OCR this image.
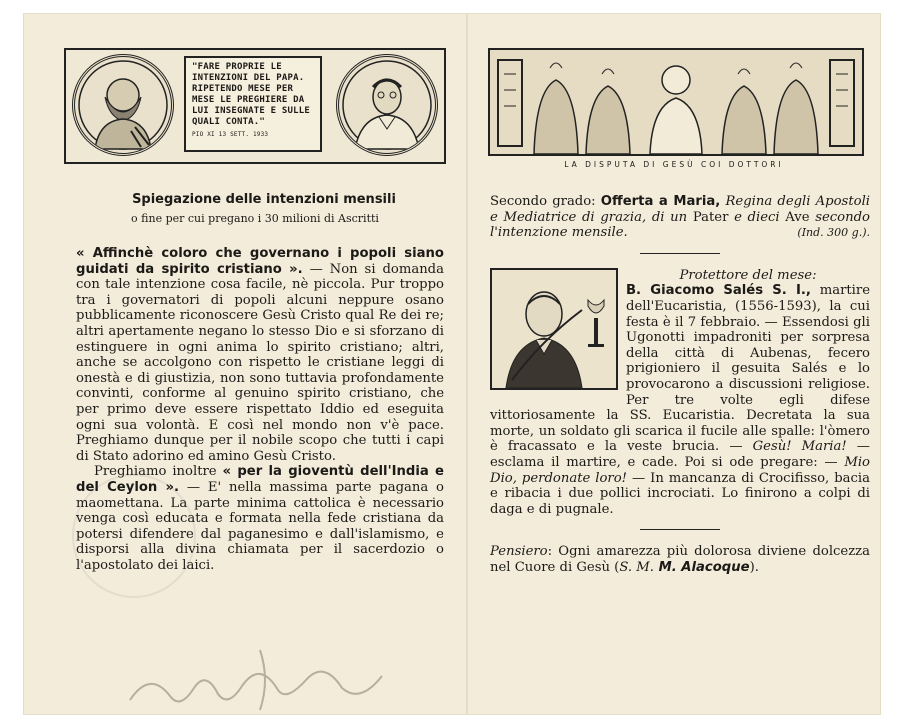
"FARE PROPRIE LE INTENZIONI DEL PAPA. RIPETENDO MESE PER MESE LE PREGHIERE DA LUI INSEGNATE E SULLE QUALI CONTA."
PIO XI 13 SETT. 1933
Spiegazione delle intenzioni mensili
o fine per cui pregano i 30 milioni di Ascritti

« Affinchè coloro che governano i popoli siano guidati da spirito cristiano ». — Non si domanda con tale intenzione cosa facile, nè piccola. Pur troppo tra i governatori di popoli alcuni neppure osano pubblicamente riconoscere Gesù Cristo qual Re dei re; altri apertamente negano lo stesso Dio e si sforzano di estinguere in ogni anima lo spirito cristiano; altri, anche se accolgono con rispetto le cristiane leggi di onestà e di giustizia, non sono tuttavia profondamente convinti, conforme al genuino spirito cristiano, che per primo deve essere rispettato Iddio ed eseguita ogni sua volontà. E così nel mondo non v'è pace. Preghiamo dunque per il nobile scopo che tutti i capi di Stato adorino ed amino Gesù Cristo.

Preghiamo inoltre « per la gioventù dell'India e del Ceylon ». — E' nella massima parte pagana o maomettana. La parte minima cattolica è necessario venga così educata e formata nella fede cristiana da potersi difendere dal paganesimo e dall'islamismo, e disporsi alla divina chiamata per il sacerdozio o l'apostolato dei laici.

LA DISPUTA DI GESÙ COI DOTTORI

Secondo grado: Offerta a Maria, Regina degli Apostoli e Mediatrice di grazia, di un Pater e dieci Ave secondo l'intenzione mensile.	(Ind. 300 g.).

Protettore del mese:

B. Giacomo Salés S. I., martire dell'Eucaristia, (1556-1593), la cui festa è il 7 febbraio. — Essendosi gli Ugonotti impadroniti per sorpresa della città di Aubenas, fecero prigioniero il gesuita Salés e lo provocarono a discussioni religiose. Per tre volte egli difese vittoriosamente la SS. Eucaristia. Decretata la sua morte, un soldato gli scarica il fucile alle spalle: l'òmero è fracassato e la veste brucia. — Gesù! Maria! — esclama il martire, e cade. Poi si ode pregare: — Mio Dio, perdonate loro! — In mancanza di Crocifisso, bacia e ribacia i due pollici incrociati. Lo finirono a colpi di daga e di pugnale.

Pensiero: Ogni amarezza più dolorosa diviene dolcezza nel Cuore di Gesù (S. M. M. Alacoque).
